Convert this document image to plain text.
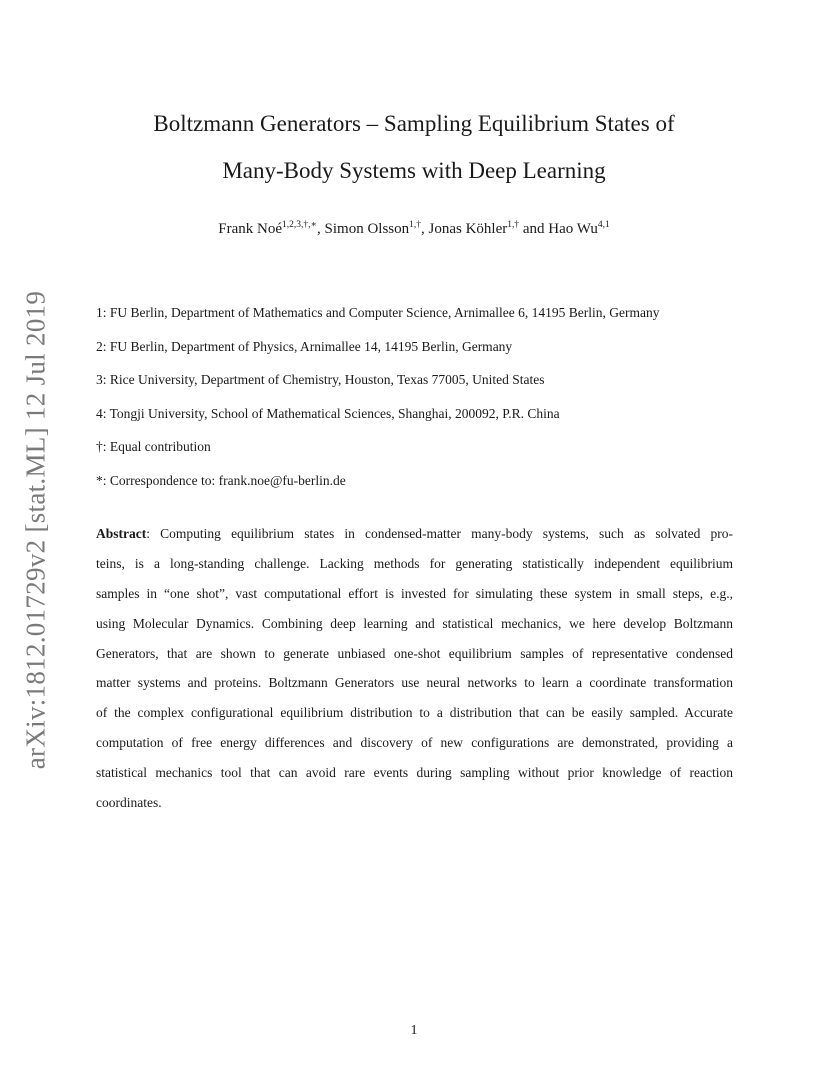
Boltzmann Generators – Sampling Equilibrium States of
Many-Body Systems with Deep Learning
Frank Noé$^{1,2,3,\dagger,∗}$, Simon Olsson$^{1,\dagger}$, Jonas Köhler$^{1,\dagger}$ and Hao Wu$^{4,1}$
1: FU Berlin, Department of Mathematics and Computer Science, Arnimallee 6, 14195 Berlin, Germany
2: FU Berlin, Department of Physics, Arnimallee 14, 14195 Berlin, Germany
3: Rice University, Department of Chemistry, Houston, Texas 77005, United States
4: Tongji University, School of Mathematical Sciences, Shanghai, 200092, P.R. China
†: Equal contribution
*: Correspondence to: frank.noe@fu-berlin.de
Abstract: Computing equilibrium states in condensed-matter many-body systems, such as solvated pro-
teins, is a long-standing challenge. Lacking methods for generating statistically independent equilibrium
samples in “one shot”, vast computational effort is invested for simulating these system in small steps, e.g.,
using Molecular Dynamics. Combining deep learning and statistical mechanics, we here develop Boltzmann
Generators, that are shown to generate unbiased one-shot equilibrium samples of representative condensed
matter systems and proteins. Boltzmann Generators use neural networks to learn a coordinate transformation
of the complex configurational equilibrium distribution to a distribution that can be easily sampled. Accurate
computation of free energy differences and discovery of new configurations are demonstrated, providing a
statistical mechanics tool that can avoid rare events during sampling without prior knowledge of reaction
coordinates.
arXiv:1812.01729v2 [stat.ML] 12 Jul 2019
1
